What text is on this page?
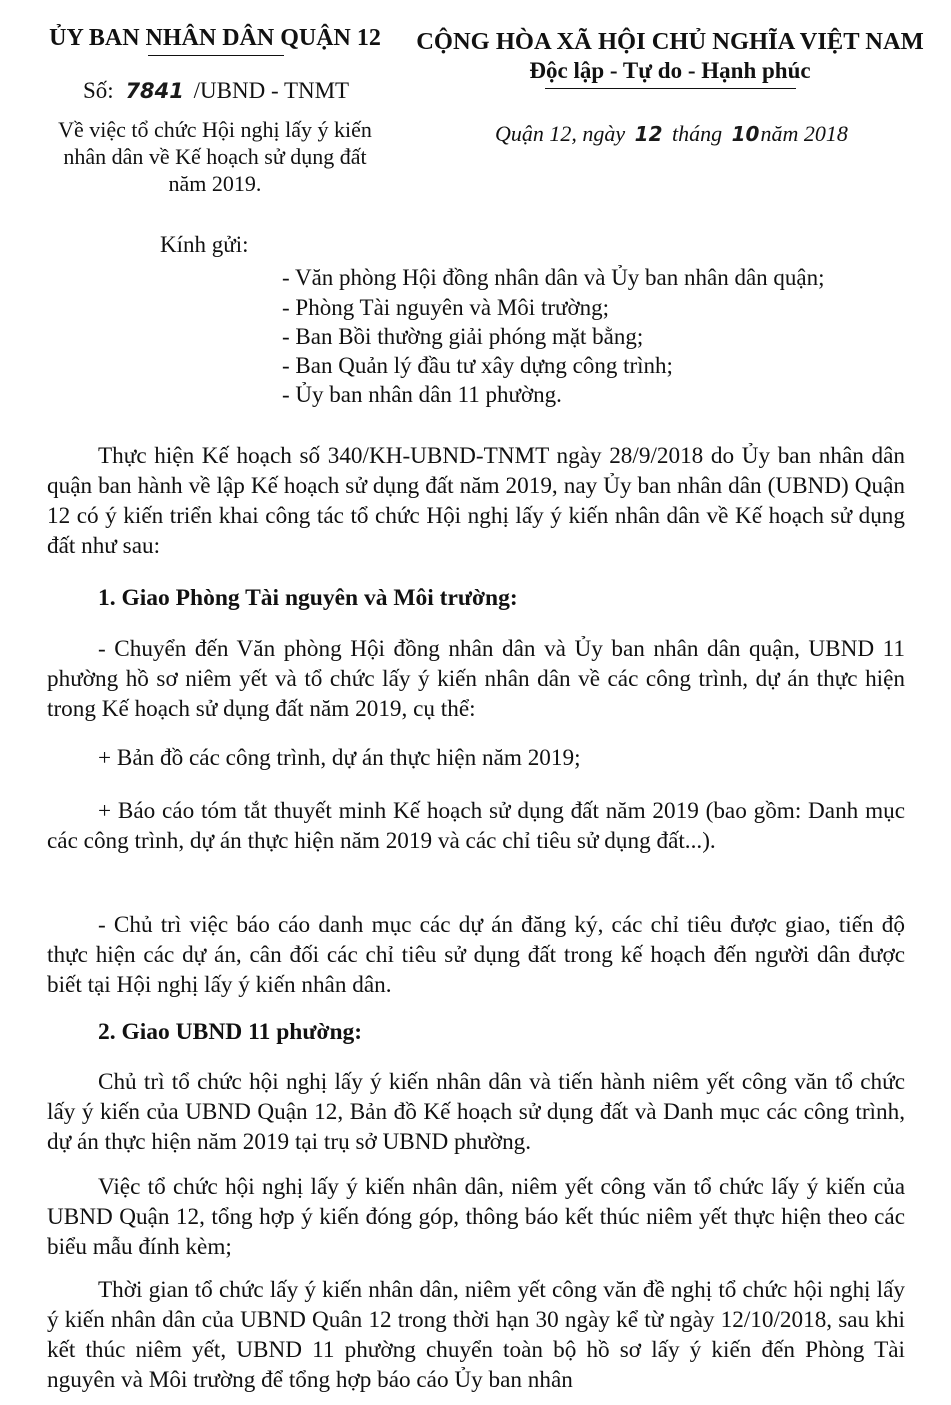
ỦY BAN NHÂN DÂN QUẬN 12
Số: 7841 /UBND - TNMT
Về việc tổ chức Hội nghị lấy ý kiến
nhân dân về Kế hoạch sử dụng đất
năm 2019.
CỘNG HÒA XÃ HỘI CHỦ NGHĨA VIỆT NAM
Độc lập - Tự do - Hạnh phúc
Quận 12, ngày 12 tháng 10năm 2018
Kính gửi:
- Văn phòng Hội đồng nhân dân và Ủy ban nhân dân quận;
- Phòng Tài nguyên và Môi trường;
- Ban Bồi thường giải phóng mặt bằng;
- Ban Quản lý đầu tư xây dựng công trình;
- Ủy ban nhân dân 11 phường.

Thực hiện Kế hoạch số 340/KH-UBND-TNMT ngày 28/9/2018 do Ủy ban nhân dân quận ban hành về lập Kế hoạch sử dụng đất năm 2019, nay Ủy ban nhân dân (UBND) Quận 12 có ý kiến triển khai công tác tổ chức Hội nghị lấy ý kiến nhân dân về Kế hoạch sử dụng đất như sau:

1. Giao Phòng Tài nguyên và Môi trường:

- Chuyển đến Văn phòng Hội đồng nhân dân và Ủy ban nhân dân quận, UBND 11 phường hồ sơ niêm yết và tổ chức lấy ý kiến nhân dân về các công trình, dự án thực hiện trong Kế hoạch sử dụng đất năm 2019, cụ thể:

+ Bản đồ các công trình, dự án thực hiện năm 2019;

+ Báo cáo tóm tắt thuyết minh Kế hoạch sử dụng đất năm 2019 (bao gồm: Danh mục các công trình, dự án thực hiện năm 2019 và các chỉ tiêu sử dụng đất...).

- Chủ trì việc báo cáo danh mục các dự án đăng ký, các chỉ tiêu được giao, tiến độ thực hiện các dự án, cân đối các chỉ tiêu sử dụng đất trong kế hoạch đến người dân được biết tại Hội nghị lấy ý kiến nhân dân.

2. Giao UBND 11 phường:

Chủ trì tổ chức hội nghị lấy ý kiến nhân dân và tiến hành niêm yết công văn tổ chức lấy ý kiến của UBND Quận 12, Bản đồ Kế hoạch sử dụng đất và Danh mục các công trình, dự án thực hiện năm 2019 tại trụ sở UBND phường.

Việc tổ chức hội nghị lấy ý kiến nhân dân, niêm yết công văn tổ chức lấy ý kiến của UBND Quận 12, tổng hợp ý kiến đóng góp, thông báo kết thúc niêm yết thực hiện theo các biểu mẫu đính kèm;

Thời gian tổ chức lấy ý kiến nhân dân, niêm yết công văn đề nghị tổ chức hội nghị lấy ý kiến nhân dân của UBND Quân 12 trong thời hạn 30 ngày kể từ ngày 12/10/2018, sau khi kết thúc niêm yết, UBND 11 phường chuyển toàn bộ hồ sơ lấy ý kiến đến Phòng Tài nguyên và Môi trường để tổng hợp báo cáo Ủy ban nhân
